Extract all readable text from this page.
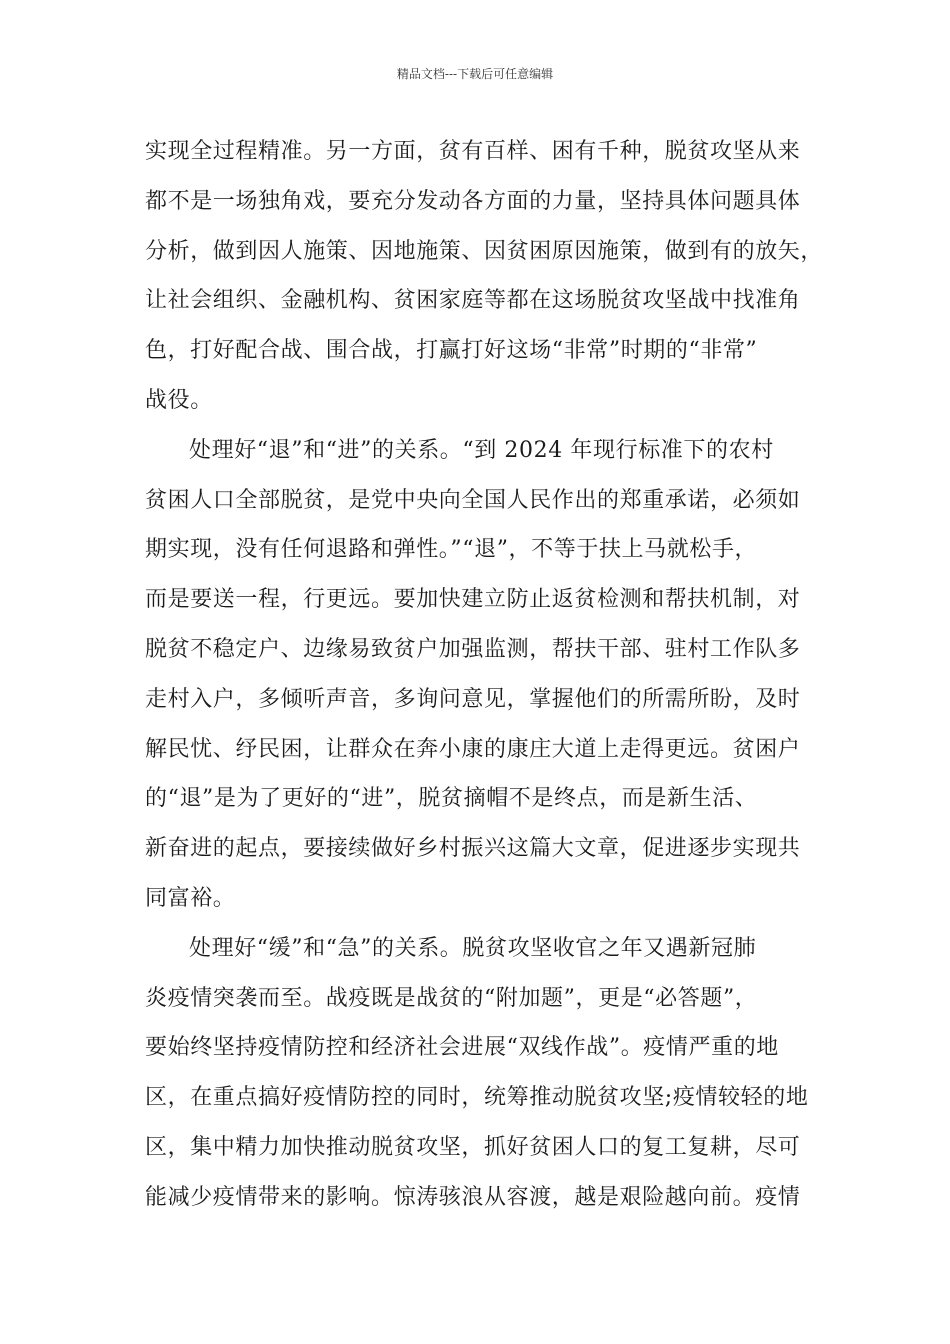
精品文档---下载后可任意编辑
实现全过程精准。另一方面，贫有百样、困有千种，脱贫攻坚从来
都不是一场独角戏，要充分发动各方面的力量，坚持具体问题具体
分析，做到因人施策、因地施策、因贫困原因施策，做到有的放矢，
让社会组织、金融机构、贫困家庭等都在这场脱贫攻坚战中找准角
色，打好配合战、围合战，打赢打好这场“非常”时期的“非常”
战役。
处理好“退”和“进”的关系。“到 2024 年现行标准下的农村
贫困人口全部脱贫，是党中央向全国人民作出的郑重承诺，必须如
期实现，没有任何退路和弹性。”“退”，不等于扶上马就松手，
而是要送一程，行更远。要加快建立防止返贫检测和帮扶机制，对
脱贫不稳定户、边缘易致贫户加强监测，帮扶干部、驻村工作队多
走村入户，多倾听声音，多询问意见，掌握他们的所需所盼，及时
解民忧、纾民困，让群众在奔小康的康庄大道上走得更远。贫困户
的“退”是为了更好的“进”，脱贫摘帽不是终点，而是新生活、
新奋进的起点，要接续做好乡村振兴这篇大文章，促进逐步实现共
同富裕。
处理好“缓”和“急”的关系。脱贫攻坚收官之年又遇新冠肺
炎疫情突袭而至。战疫既是战贫的“附加题”，更是“必答题”，
要始终坚持疫情防控和经济社会进展“双线作战”。疫情严重的地
区，在重点搞好疫情防控的同时，统筹推动脱贫攻坚;疫情较轻的地
区，集中精力加快推动脱贫攻坚，抓好贫困人口的复工复耕，尽可
能减少疫情带来的影响。惊涛骇浪从容渡，越是艰险越向前。疫情
